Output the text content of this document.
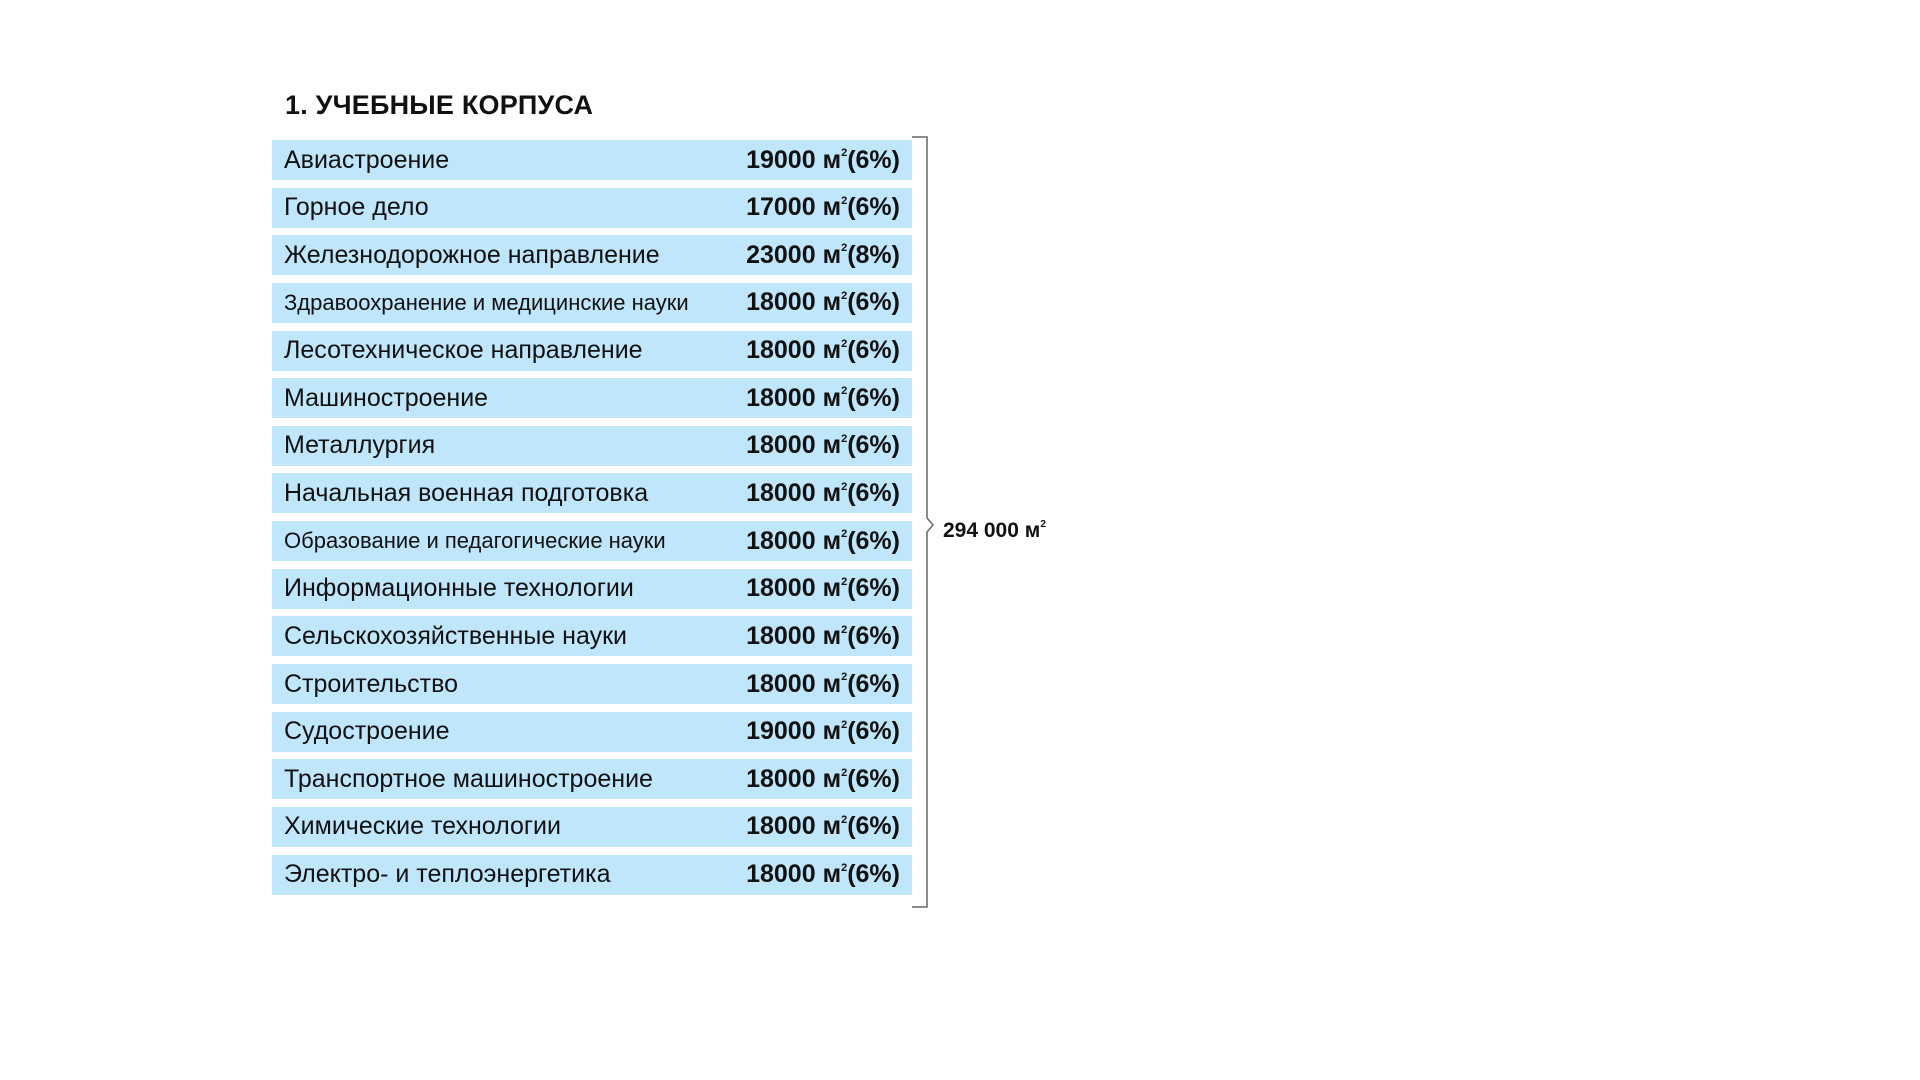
1. УЧЕБНЫЕ КОРПУСА
Авиастроение	19000 $м^2(6\%)$
Горное дело	17000 $м^2(6\%)$
Железнодорожное направление	23000 $м^2(8\%)$
Здравоохранение и медицинские науки 18000 $м^2(6\%)$
Лесотехническое направление	18000 $м^2(6\%)$
Машиностроение	18000 $м^2(6\%)$
Металлургия	18000 $м^2(6\%)$
Начальная военная подготовка	18000 $м^2(6\%)$
Образование и педагогические науки	18000 $м^2(6\%)$
Информационные технологии	18000 $м^2(6\%)$
Сельскохозяйственные науки	18000 $м^2(6\%)$
Строительство	18000 $м^2(6\%)$
Судостроение	19000 $м^2(6\%)$
Транспортное машиностроение	18000 $м^2(6\%)$
Химические технологии	18000 $м^2(6\%)$
Электро- и теплоэнергетика	18000 $м^2(6\%)$
294 000 $м^2$
